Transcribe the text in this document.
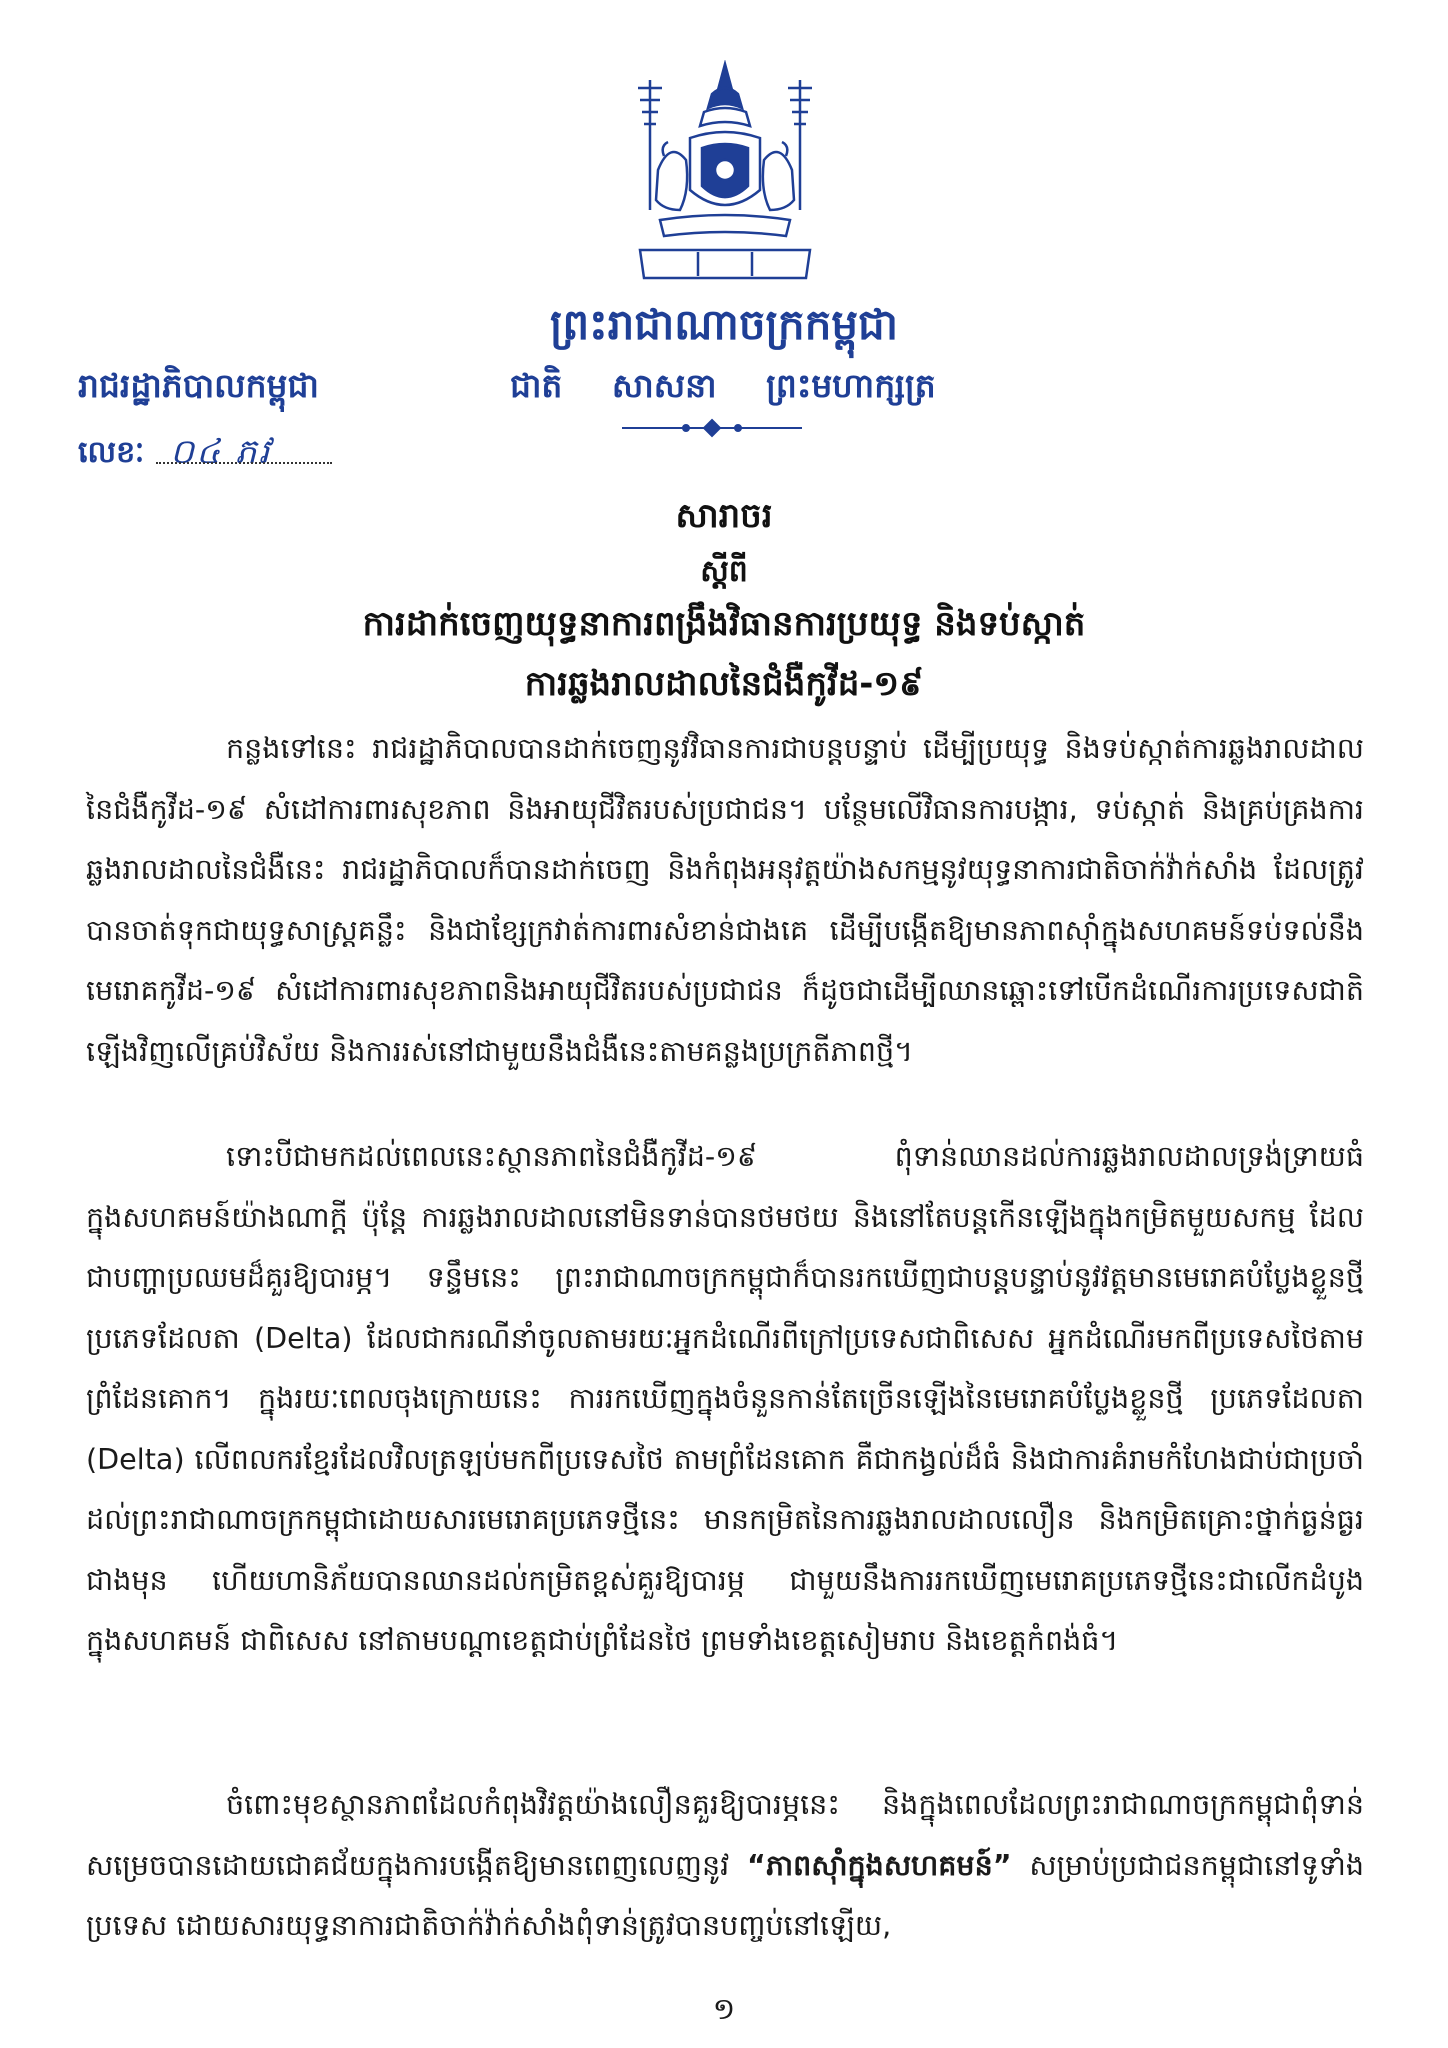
ព្រះរាជាណាចក្រកម្ពុជា
ជាតិ សាសនា ព្រះមហាក្សត្រ
រាជរដ្ឋាភិបាលកម្ពុជា
លេខៈ ០៤ ភវ
សារាចរ
ស្តីពី
ការដាក់ចេញយុទ្ធនាការពង្រឹងវិធានការប្រយុទ្ធ និងទប់ស្កាត់
ការឆ្លងរាលដាលនៃជំងឺកូវីដ-១៩
កន្លងទៅនេះ រាជរដ្ឋាភិបាលបានដាក់ចេញនូវវិធានការជាបន្តបន្ទាប់ ដើម្បីប្រយុទ្ធ និងទប់ស្កាត់ការឆ្លងរាលដាលនៃជំងឺកូវីដ-១៩ សំដៅការពារសុខភាព និងអាយុជីវិតរបស់ប្រជាជន។ បន្ថែមលើវិធានការបង្ការ, ទប់ស្កាត់ និងគ្រប់គ្រងការឆ្លងរាលដាលនៃជំងឺនេះ រាជរដ្ឋាភិបាលក៏បានដាក់ចេញ និងកំពុងអនុវត្តយ៉ាងសកម្មនូវយុទ្ធនាការជាតិចាក់វ៉ាក់សាំង ដែលត្រូវបានចាត់ទុកជាយុទ្ធសាស្ត្រគន្លឹះ និងជាខ្សែក្រវាត់ការពារសំខាន់ជាងគេ ដើម្បីបង្កើតឱ្យមានភាពស៊ាំក្នុងសហគមន៍ទប់ទល់នឹងមេរោគកូវីដ-១៩ សំដៅការពារសុខភាពនិងអាយុជីវិតរបស់ប្រជាជន ក៏ដូចជាដើម្បីឈានឆ្ពោះទៅបើកដំណើរការប្រទេសជាតិឡើងវិញលើគ្រប់វិស័យ និងការរស់នៅជាមួយនឹងជំងឺនេះតាមគន្លងប្រក្រតីភាពថ្មី។
ទោះបីជាមកដល់ពេលនេះស្ថានភាពនៃជំងឺកូវីដ-១៩ ពុំទាន់ឈានដល់ការឆ្លងរាលដាលទ្រង់ទ្រាយធំក្នុងសហគមន៍យ៉ាងណាក្តី ប៉ុន្តែ ការឆ្លងរាលដាលនៅមិនទាន់បានថមថយ និងនៅតែបន្តកើនឡើងក្នុងកម្រិតមួយសកម្ម ដែលជាបញ្ហាប្រឈមដ៏គួរឱ្យបារម្ភ។ ទន្ទឹមនេះ ព្រះរាជាណាចក្រកម្ពុជាក៏បានរកឃើញជាបន្តបន្ទាប់នូវវត្តមានមេរោគបំប្លែងខ្លួនថ្មី ប្រភេទដែលតា (Delta) ដែលជាករណីនាំចូលតាមរយៈអ្នកដំណើរពីក្រៅប្រទេសជាពិសេស អ្នកដំណើរមកពីប្រទេសថៃតាមព្រំដែនគោក។ ក្នុងរយៈពេលចុងក្រោយនេះ ការរកឃើញក្នុងចំនួនកាន់តែច្រើនឡើងនៃមេរោគបំប្លែងខ្លួនថ្មី ប្រភេទដែលតា (Delta) លើពលករខ្មែរដែលវិលត្រឡប់មកពីប្រទេសថៃ តាមព្រំដែនគោក គឺជាកង្វល់ដ៏ធំ និងជាការគំរាមកំហែងជាប់ជាប្រចាំដល់ព្រះរាជាណាចក្រកម្ពុជាដោយសារមេរោគប្រភេទថ្មីនេះ មានកម្រិតនៃការឆ្លងរាលដាលលឿន និងកម្រិតគ្រោះថ្នាក់ធ្ងន់ធ្ងរជាងមុន ហើយហានិភ័យបានឈានដល់កម្រិតខ្ពស់គួរឱ្យបារម្ភ ជាមួយនឹងការរកឃើញមេរោគប្រភេទថ្មីនេះជាលើកដំបូងក្នុងសហគមន៍ ជាពិសេស នៅតាមបណ្តាខេត្តជាប់ព្រំដែនថៃ ព្រមទាំងខេត្តសៀមរាប និងខេត្តកំពង់ធំ។
ចំពោះមុខស្ថានភាពដែលកំពុងវិវត្តយ៉ាងលឿនគួរឱ្យបារម្ភនេះ និងក្នុងពេលដែលព្រះរាជាណាចក្រកម្ពុជាពុំទាន់សម្រេចបានដោយជោគជ័យក្នុងការបង្កើតឱ្យមានពេញលេញនូវ “ភាពស៊ាំក្នុងសហគមន៍” សម្រាប់ប្រជាជនកម្ពុជានៅទូទាំងប្រទេស ដោយសារយុទ្ធនាការជាតិចាក់វ៉ាក់សាំងពុំទាន់ត្រូវបានបញ្ចប់នៅឡើយ,
១
